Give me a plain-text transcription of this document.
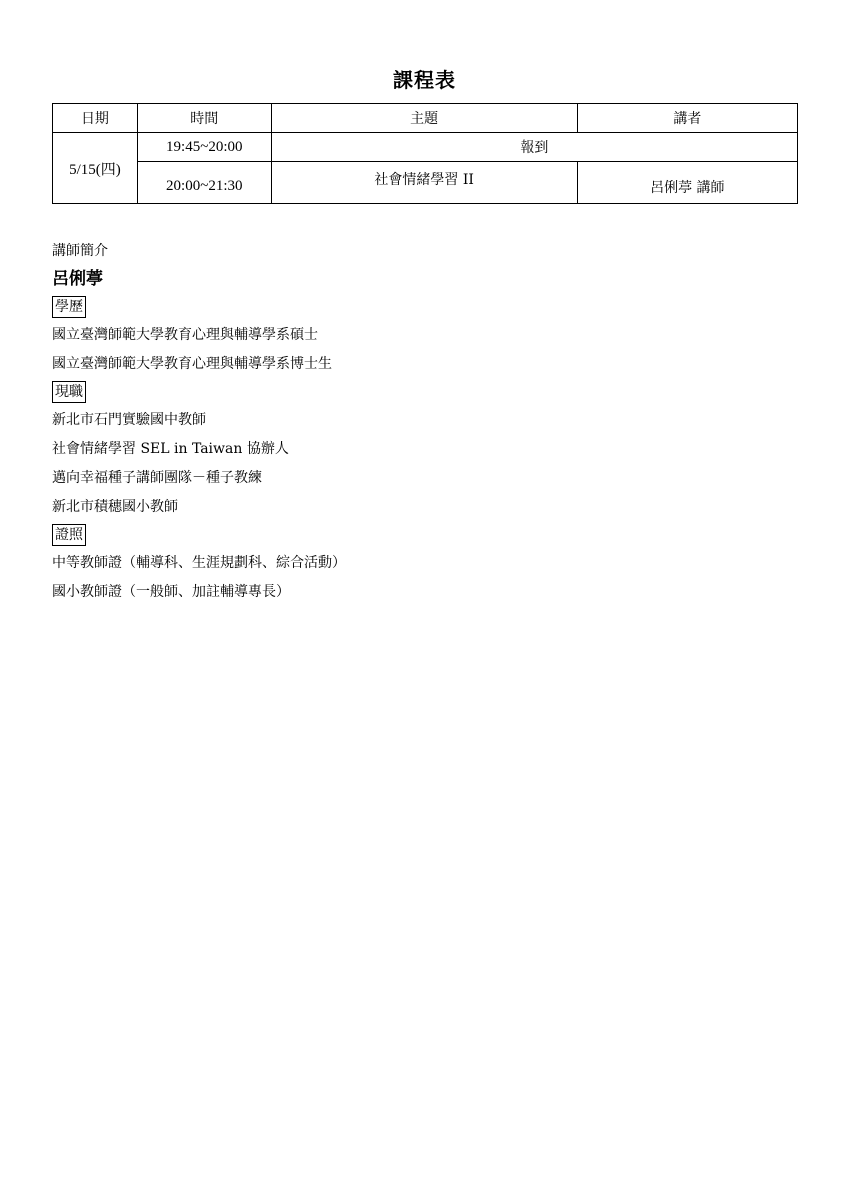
課程表
日期	時間	主題	講者
5/15(四)	19:45~20:00	報到	
	20:00~21:30	社會情緒學習 II	呂俐葶 講師
講師簡介
呂俐葶
學歷
國立臺灣師範大學教育心理與輔導學系碩士
國立臺灣師範大學教育心理與輔導學系博士生
現職
新北市石門實驗國中教師
社會情緒學習 SEL in Taiwan 協辦人
邁向幸福種子講師團隊－種子教練
新北市積穗國小教師
證照
中等教師證（輔導科、生涯規劃科、綜合活動）
國小教師證（一般師、加註輔導專長）
